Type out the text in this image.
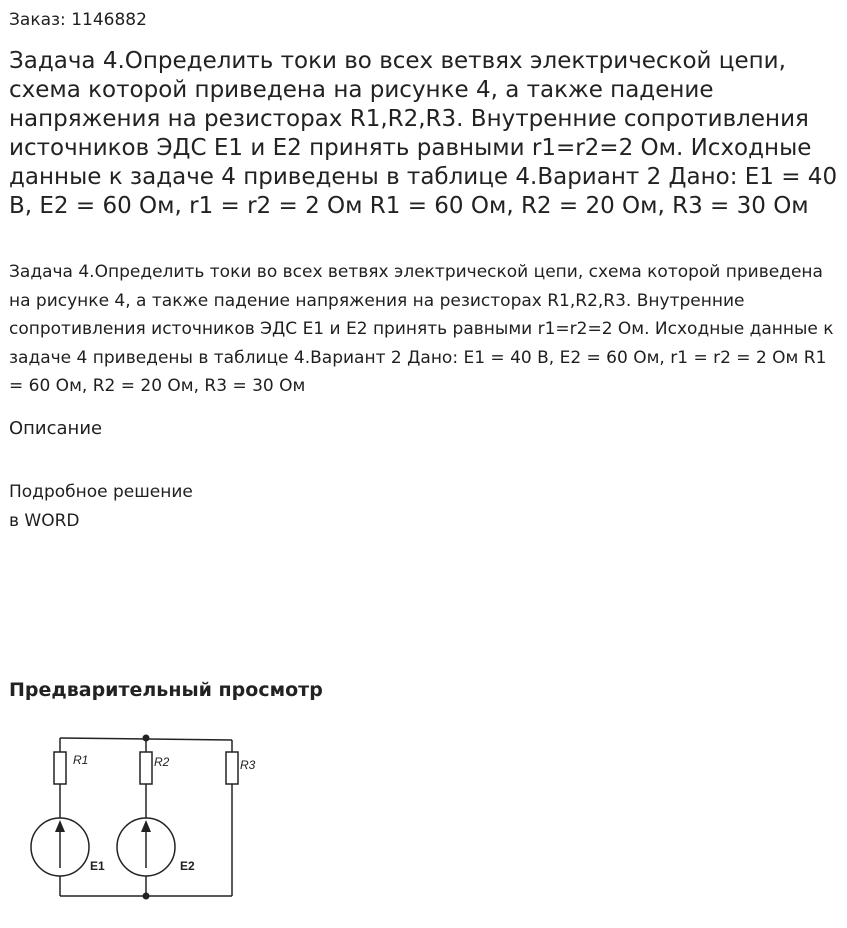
Заказ: 1146882
Задача 4.Определить токи во всех ветвях электрической цепи, схема которой приведена на рисунке 4, а также падение напряжения на резисторах R1,R2,R3. Внутренние сопротивления источников ЭДС Е1 и Е2 принять равными r1=r2=2 Ом. Исходные данные к задаче 4 приведены в таблице 4.Вариант 2 Дано: Е1 = 40 В, Е2 = 60 Ом, r1 = r2 = 2 Ом R1 = 60 Ом, R2 = 20 Ом, R3 = 30 Ом

Задача 4.Определить токи во всех ветвях электрической цепи, схема которой приведена на рисунке 4, а также падение напряжения на резисторах R1,R2,R3. Внутренние сопротивления источников ЭДС Е1 и Е2 принять равными r1=r2=2 Ом. Исходные данные к задаче 4 приведены в таблице 4.Вариант 2 Дано: Е1 = 40 В, Е2 = 60 Ом, r1 = r2 = 2 Ом R1 = 60 Ом, R2 = 20 Ом, R3 = 30 Ом

Описание
Подробное решение
в WORD
Предварительный просмотр
R1	R2	R3
E1	E2
